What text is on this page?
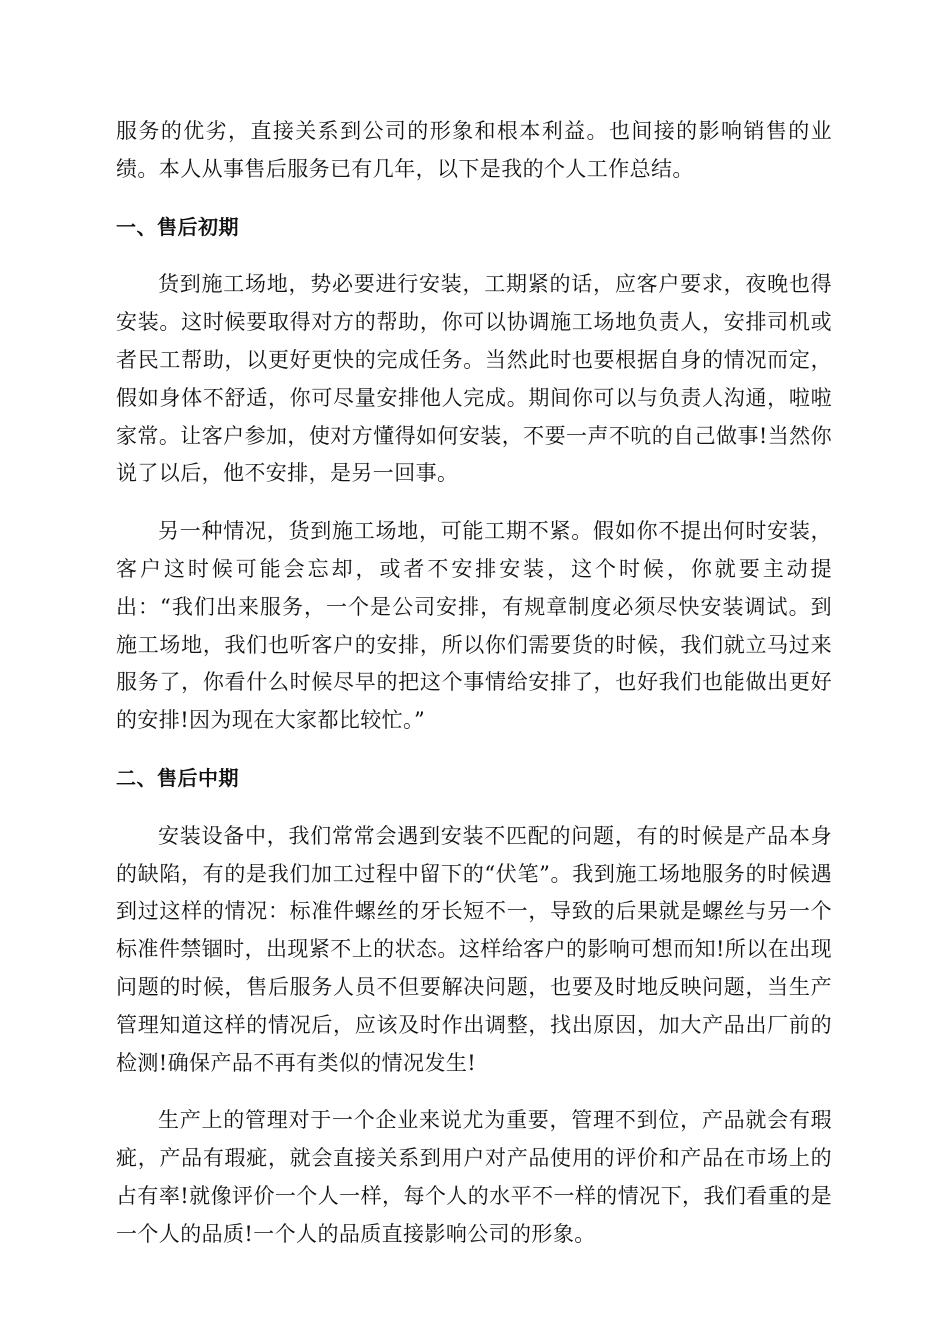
服务的优劣，直接关系到公司的形象和根本利益。也间接的影响销售的业绩。本人从事售后服务已有几年，以下是我的个人工作总结。

一、售后初期

货到施工场地，势必要进行安装，工期紧的话，应客户要求，夜晚也得安装。这时候要取得对方的帮助，你可以协调施工场地负责人，安排司机或者民工帮助，以更好更快的完成任务。当然此时也要根据自身的情况而定，假如身体不舒适，你可尽量安排他人完成。期间你可以与负责人沟通，啦啦家常。让客户参加，使对方懂得如何安装，不要一声不吭的自己做事!当然你说了以后，他不安排，是另一回事。

另一种情况，货到施工场地，可能工期不紧。假如你不提出何时安装，客户这时候可能会忘却，或者不安排安装，这个时候，你就要主动提出：“我们出来服务，一个是公司安排，有规章制度必须尽快安装调试。到施工场地，我们也听客户的安排，所以你们需要货的时候，我们就立马过来服务了，你看什么时候尽早的把这个事情给安排了，也好我们也能做出更好的安排!因为现在大家都比较忙。”

二、售后中期

安装设备中，我们常常会遇到安装不匹配的问题，有的时候是产品本身的缺陷，有的是我们加工过程中留下的“伏笔”。我到施工场地服务的时候遇到过这样的情况：标准件螺丝的牙长短不一，导致的后果就是螺丝与另一个标准件禁锢时，出现紧不上的状态。这样给客户的影响可想而知!所以在出现问题的时候，售后服务人员不但要解决问题，也要及时地反映问题，当生产管理知道这样的情况后，应该及时作出调整，找出原因，加大产品出厂前的检测!确保产品不再有类似的情况发生!

生产上的管理对于一个企业来说尤为重要，管理不到位，产品就会有瑕疵，产品有瑕疵，就会直接关系到用户对产品使用的评价和产品在市场上的占有率!就像评价一个人一样，每个人的水平不一样的情况下，我们看重的是一个人的品质!一个人的品质直接影响公司的形象。
